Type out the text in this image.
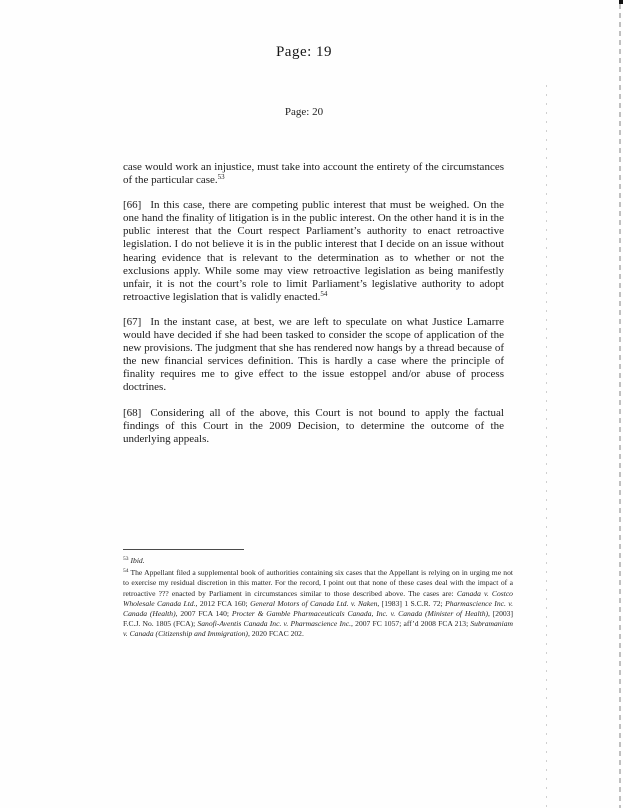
Page: 19
Page: 20

case would work an injustice, must take into account the entirety of the circumstances of the particular case.$^{53}$

[66] In this case, there are competing public interest that must be weighed. On the one hand the finality of litigation is in the public interest. On the other hand it is in the public interest that the Court respect Parliament’s authority to enact retroactive legislation. I do not believe it is in the public interest that I decide on an issue without hearing evidence that is relevant to the determination as to whether or not the exclusions apply. While some may view retroactive legislation as being manifestly unfair, it is not the court’s role to limit Parliament’s legislative authority to adopt retroactive legislation that is validly enacted.$^{54}$

[67] In the instant case, at best, we are left to speculate on what Justice Lamarre would have decided if she had been tasked to consider the scope of application of the new provisions. The judgment that she has rendered now hangs by a thread because of the new financial services definition. This is hardly a case where the principle of finality requires me to give effect to the issue estoppel and/or abuse of process doctrines.

[68] Considering all of the above, this Court is not bound to apply the factual findings of this Court in the 2009 Decision, to determine the outcome of the underlying appeals.

$^{53}$ Ibid.

$^{54}$ The Appellant filed a supplemental book of authorities containing six cases that the Appellant is relying on in urging me not to exercise my residual discretion in this matter. For the record, I point out that none of these cases deal with the impact of a retroactive ??? enacted by Parliament in circumstances similar to those described above. The cases are: Canada v. Costco Wholesale Canada Ltd., 2012 FCA 160; General Motors of Canada Ltd. v. Naken, [1983] 1 S.C.R. 72; Pharmascience Inc. v. Canada (Health), 2007 FCA 140; Procter & Gamble Pharmaceuticals Canada, Inc. v. Canada (Minister of Health), [2003] F.C.J. No. 1805 (FCA); Sanofi-Aventis Canada Inc. v. Pharmascience Inc., 2007 FC 1057; aff’d 2008 FCA 213; Subramaniam v. Canada (Citizenship and Immigration), 2020 FCAC 202.
